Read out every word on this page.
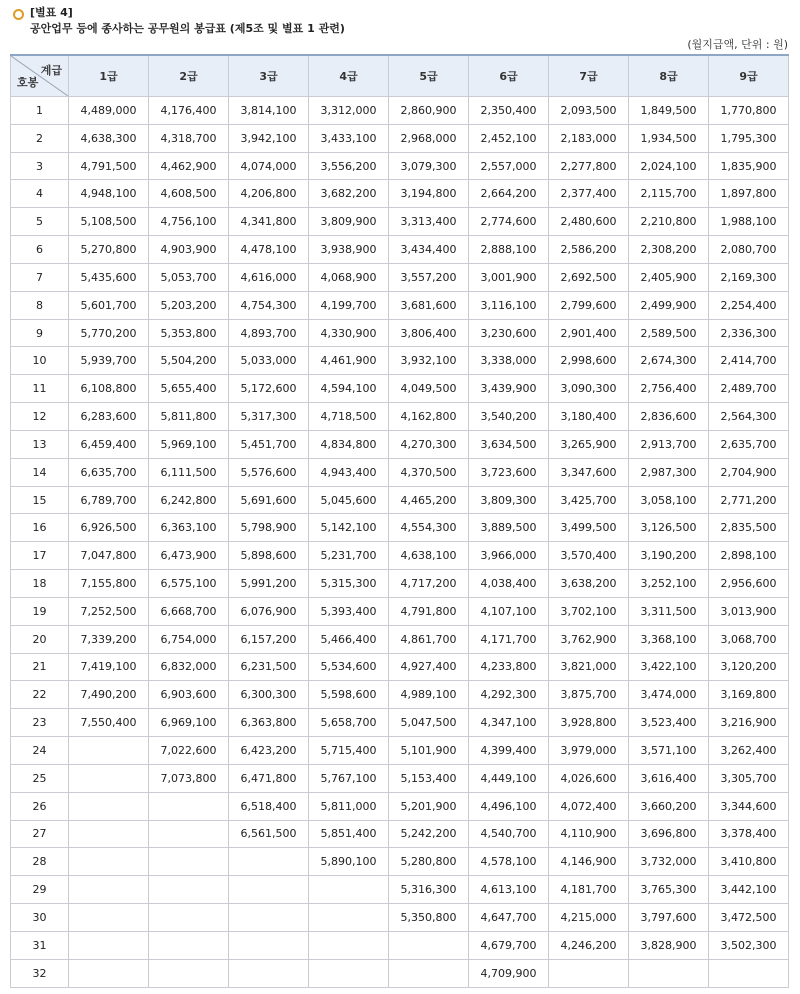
[별표 4]
공안업무 등에 종사하는 공무원의 봉급표 (제5조 및 별표 1 관련)
(월지급액, 단위 : 원)
계급
호봉	1급	2급	3급	4급	5급	6급	7급	8급	9급
1	4,489,000	4,176,400	3,814,100	3,312,000	2,860,900	2,350,400	2,093,500	1,849,500	1,770,800
2	4,638,300	4,318,700	3,942,100	3,433,100	2,968,000	2,452,100	2,183,000	1,934,500	1,795,300
3	4,791,500	4,462,900	4,074,000	3,556,200	3,079,300	2,557,000	2,277,800	2,024,100	1,835,900
4	4,948,100	4,608,500	4,206,800	3,682,200	3,194,800	2,664,200	2,377,400	2,115,700	1,897,800
5	5,108,500	4,756,100	4,341,800	3,809,900	3,313,400	2,774,600	2,480,600	2,210,800	1,988,100
6	5,270,800	4,903,900	4,478,100	3,938,900	3,434,400	2,888,100	2,586,200	2,308,200	2,080,700
7	5,435,600	5,053,700	4,616,000	4,068,900	3,557,200	3,001,900	2,692,500	2,405,900	2,169,300
8	5,601,700	5,203,200	4,754,300	4,199,700	3,681,600	3,116,100	2,799,600	2,499,900	2,254,400
9	5,770,200	5,353,800	4,893,700	4,330,900	3,806,400	3,230,600	2,901,400	2,589,500	2,336,300
10	5,939,700	5,504,200	5,033,000	4,461,900	3,932,100	3,338,000	2,998,600	2,674,300	2,414,700
11	6,108,800	5,655,400	5,172,600	4,594,100	4,049,500	3,439,900	3,090,300	2,756,400	2,489,700
12	6,283,600	5,811,800	5,317,300	4,718,500	4,162,800	3,540,200	3,180,400	2,836,600	2,564,300
13	6,459,400	5,969,100	5,451,700	4,834,800	4,270,300	3,634,500	3,265,900	2,913,700	2,635,700
14	6,635,700	6,111,500	5,576,600	4,943,400	4,370,500	3,723,600	3,347,600	2,987,300	2,704,900
15	6,789,700	6,242,800	5,691,600	5,045,600	4,465,200	3,809,300	3,425,700	3,058,100	2,771,200
16	6,926,500	6,363,100	5,798,900	5,142,100	4,554,300	3,889,500	3,499,500	3,126,500	2,835,500
17	7,047,800	6,473,900	5,898,600	5,231,700	4,638,100	3,966,000	3,570,400	3,190,200	2,898,100
18	7,155,800	6,575,100	5,991,200	5,315,300	4,717,200	4,038,400	3,638,200	3,252,100	2,956,600
19	7,252,500	6,668,700	6,076,900	5,393,400	4,791,800	4,107,100	3,702,100	3,311,500	3,013,900
20	7,339,200	6,754,000	6,157,200	5,466,400	4,861,700	4,171,700	3,762,900	3,368,100	3,068,700
21	7,419,100	6,832,000	6,231,500	5,534,600	4,927,400	4,233,800	3,821,000	3,422,100	3,120,200
22	7,490,200	6,903,600	6,300,300	5,598,600	4,989,100	4,292,300	3,875,700	3,474,000	3,169,800
23	7,550,400	6,969,100	6,363,800	5,658,700	5,047,500	4,347,100	3,928,800	3,523,400	3,216,900
24		7,022,600	6,423,200	5,715,400	5,101,900	4,399,400	3,979,000	3,571,100	3,262,400
25		7,073,800	6,471,800	5,767,100	5,153,400	4,449,100	4,026,600	3,616,400	3,305,700
26			6,518,400	5,811,000	5,201,900	4,496,100	4,072,400	3,660,200	3,344,600
27			6,561,500	5,851,400	5,242,200	4,540,700	4,110,900	3,696,800	3,378,400
28				5,890,100	5,280,800	4,578,100	4,146,900	3,732,000	3,410,800
29					5,316,300	4,613,100	4,181,700	3,765,300	3,442,100
30					5,350,800	4,647,700	4,215,000	3,797,600	3,472,500
31						4,679,700	4,246,200	3,828,900	3,502,300
32						4,709,900			
